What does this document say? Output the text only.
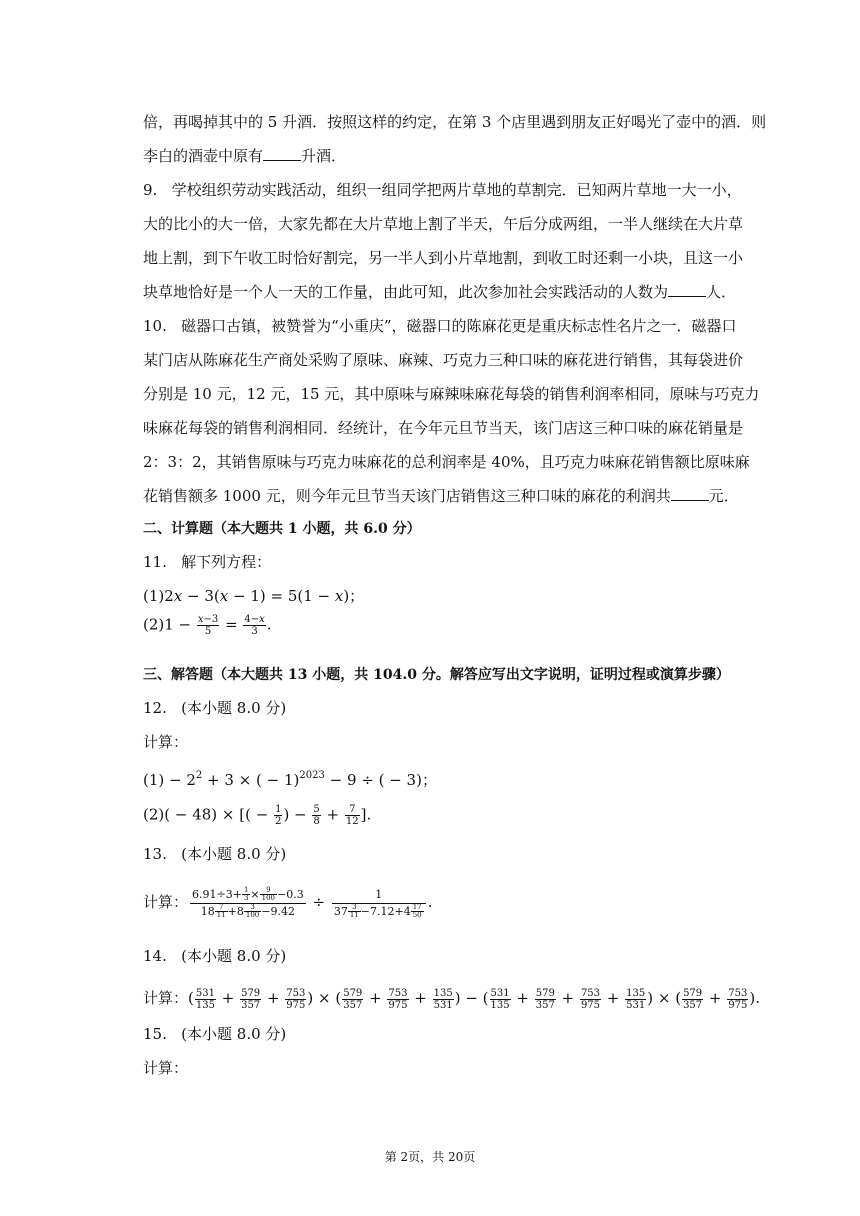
倍，再喝掉其中的 5 升酒．按照这样的约定，在第 3 个店里遇到朋友正好喝光了壶中的酒．则
李白的酒壶中原有	升酒．
9.   学校组织劳动实践活动，组织一组同学把两片草地的草割完．已知两片草地一大一小，
大的比小的大一倍，大家先都在大片草地上割了半天，午后分成两组，一半人继续在大片草
地上割，到下午收工时恰好割完，另一半人到小片草地割，到收工时还剩一小块，且这一小
块草地恰好是一个人一天的工作量，由此可知，此次参加社会实践活动的人数为	人．
10.   磁器口古镇，被赞誉为“小重庆”，磁器口的陈麻花更是重庆标志性名片之一．磁器口
某门店从陈麻花生产商处采购了原味、麻辣、巧克力三种口味的麻花进行销售，其每袋进价
分别是 10 元，12 元，15 元，其中原味与麻辣味麻花每袋的销售利润率相同，原味与巧克力
味麻花每袋的销售利润相同．经统计，在今年元旦节当天，该门店这三种口味的麻花销量是
2：3：2，其销售原味与巧克力味麻花的总利润率是 40%，且巧克力味麻花销售额比原味麻
花销售额多 1000 元，则今年元旦节当天该门店销售这三种口味的麻花的利润共	元．
二、计算题（本大题共 1 小题，共 6.0 分）
11.   解下列方程：
(1)2𝑥 − 3(𝑥 − 1) = 5(1 − 𝑥)；
$(2)1 - \frac{\text{𝑥−3}}{5} = \frac{\text{4−𝑥}}{3}$ .
三、解答题（本大题共 13 小题，共 104.0 分。解答应写出文字说明，证明过程或演算步骤）
12.   (本小题 8.0 分)
计算：
$(1) - 2^2 + 3$ × ( − 1)$^{2023}$ − 9 ÷ ( − 3)；
(2)( − 48) × [( − $\frac{1}{2}$ ) − $\frac{5}{8} + \frac{7}{12}$ ].
13.   (本小题 8.0 分)
计算： $\frac{6.91\div 3+ \frac{1}{3} \times \frac{9}{100} -0.3}{18 \frac{7}{11} +8 \frac{3}{100} -9.42} \div \frac{1}{37 \frac{3}{11} -7.12+4 \frac{17}{50}}$ .
14.   (本小题 8.0 分)
计算：( $\frac{531}{135} + \frac{579}{357} + \frac{753}{975}$ ) × ( $\frac{579}{357} + \frac{753}{975} + \frac{135}{531}$ ) − ( $\frac{531}{135} + \frac{579}{357} + \frac{753}{975} + \frac{135}{531}$ ) × ( $\frac{579}{357} + \frac{753}{975}$ ).
15.   (本小题 8.0 分)
计算：
第 2页，共 20页
